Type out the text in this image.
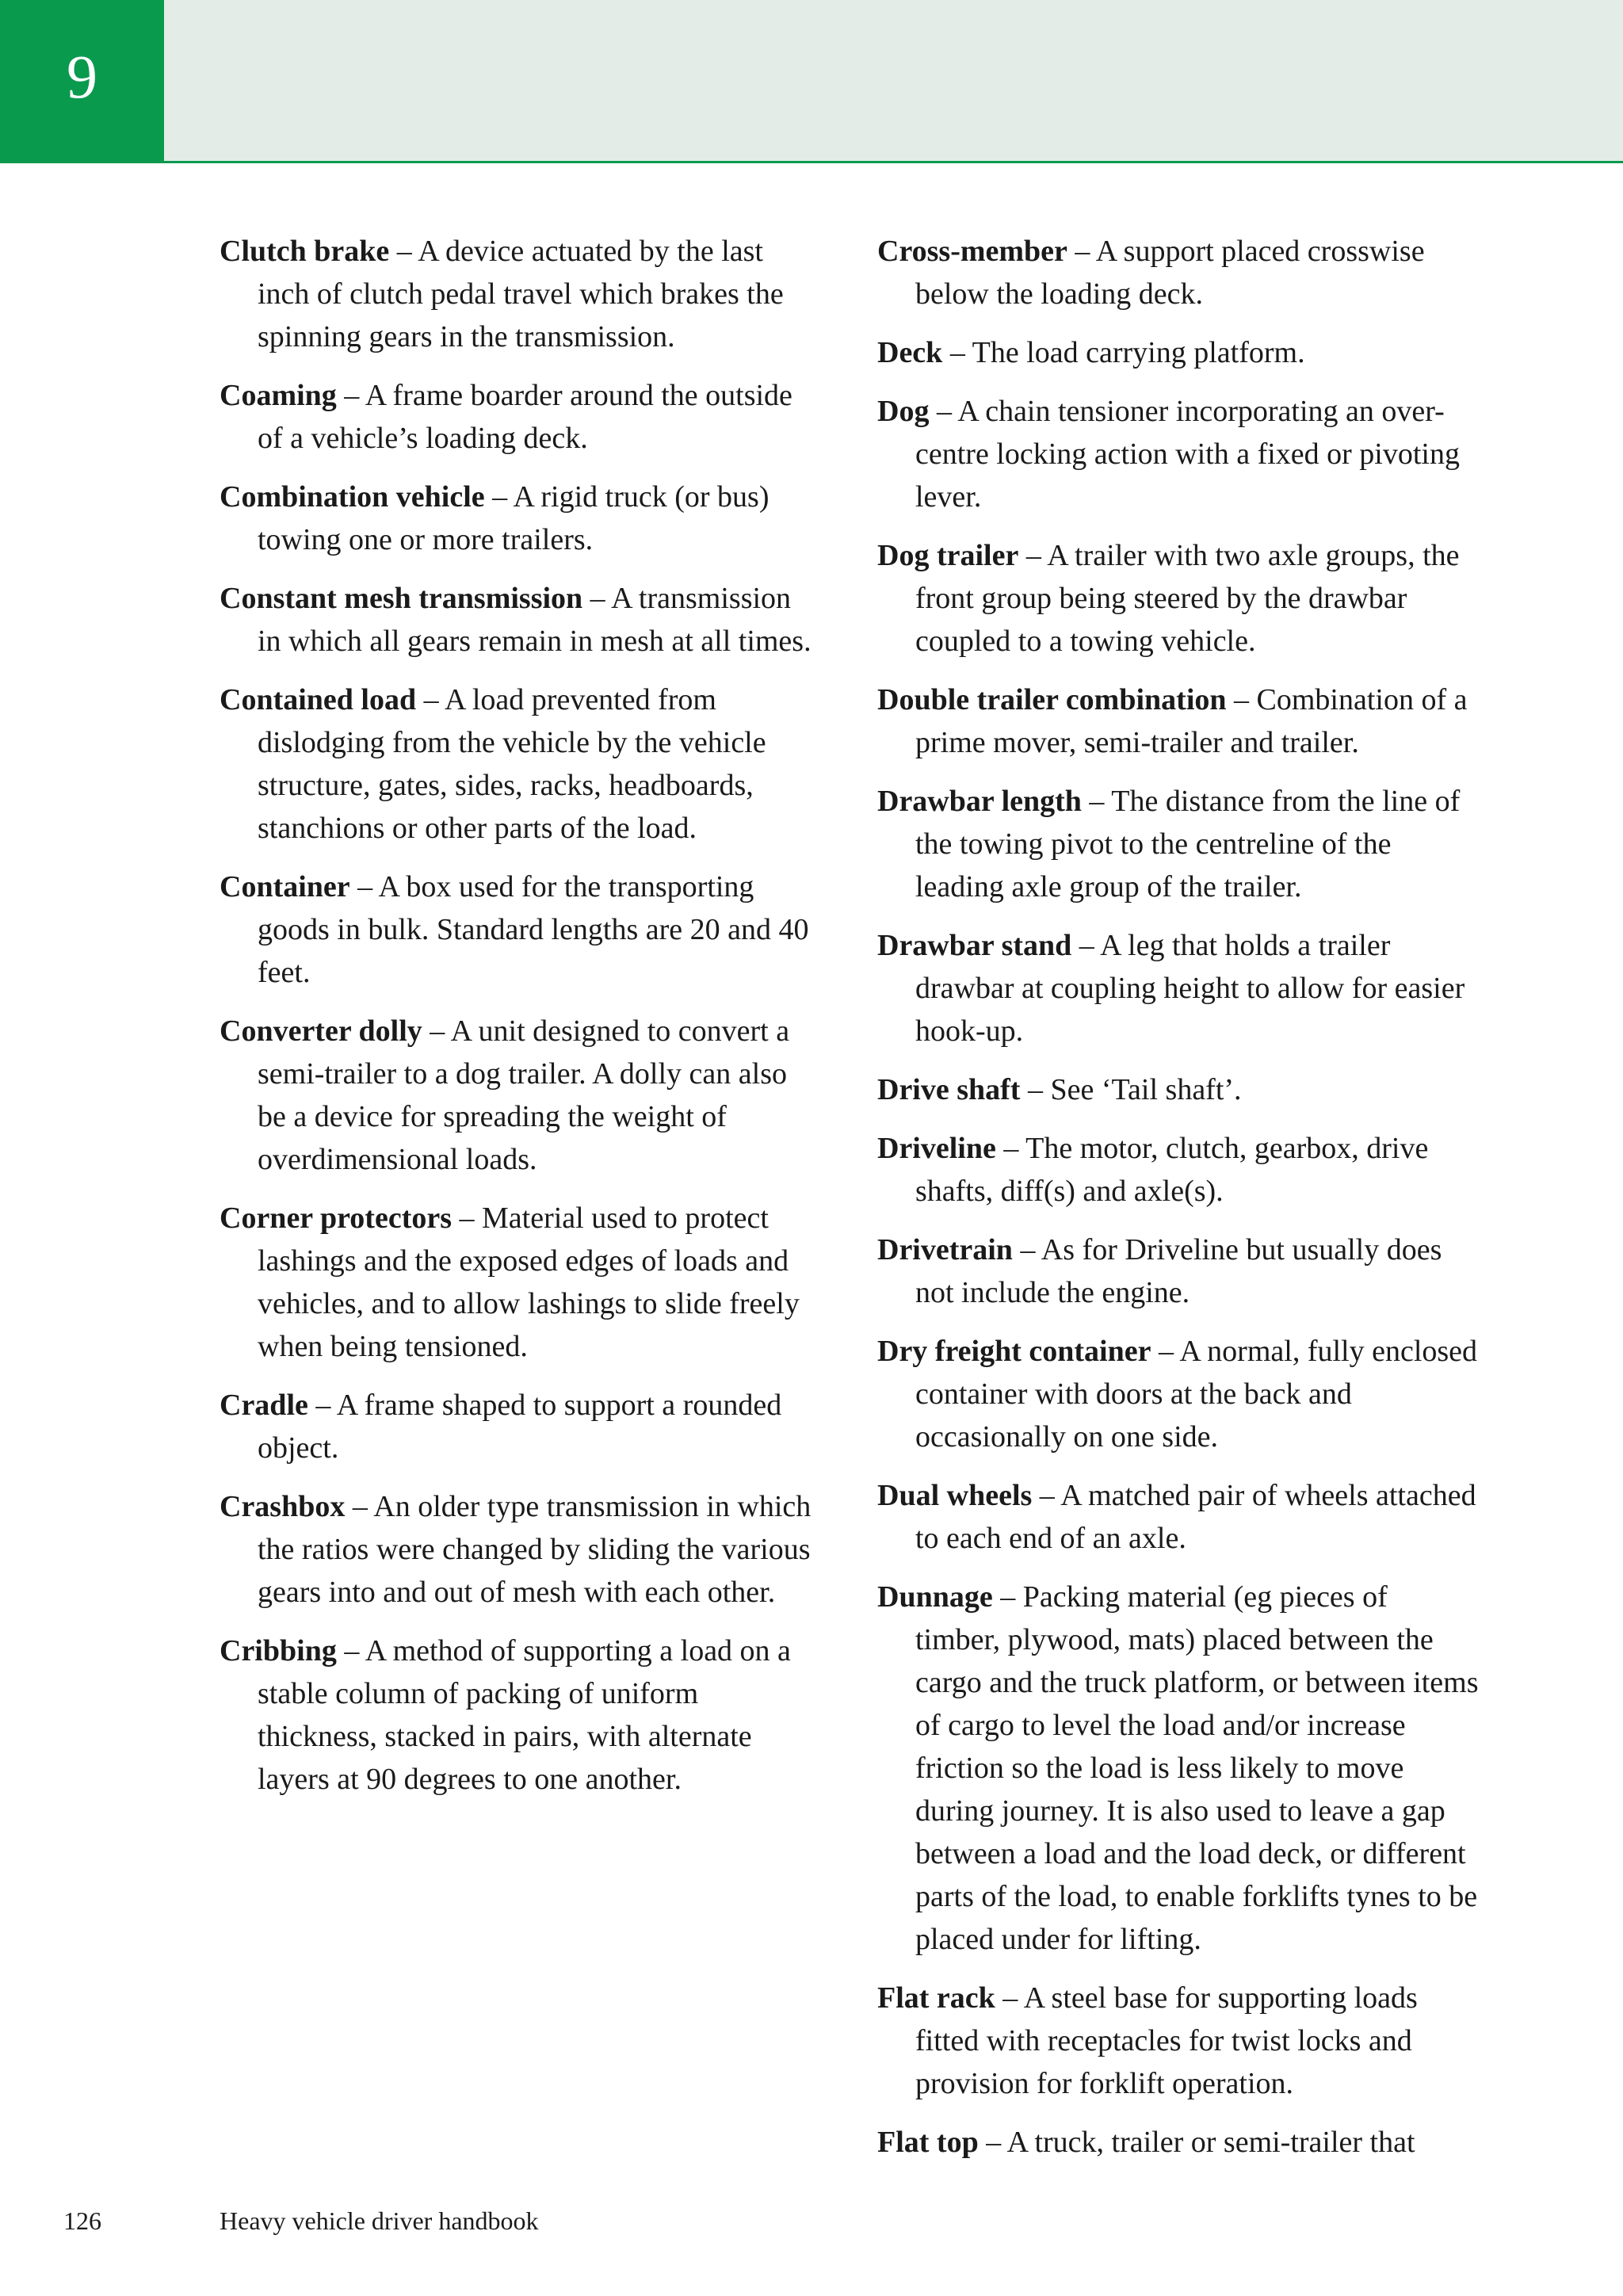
9

Clutch brake – A device actuated by the last inch of clutch pedal travel which brakes the spinning gears in the transmission.

Coaming – A frame boarder around the outside of a vehicle’s loading deck.

Combination vehicle – A rigid truck (or bus) towing one or more trailers.

Constant mesh transmission – A transmission in which all gears remain in mesh at all times.

Contained load – A load prevented from dislodging from the vehicle by the vehicle structure, gates, sides, racks, headboards, stanchions or other parts of the load.

Container – A box used for the transporting goods in bulk. Standard lengths are 20 and 40 feet.

Converter dolly – A unit designed to convert a semi-trailer to a dog trailer. A dolly can also be a device for spreading the weight of overdimensional loads.

Corner protectors – Material used to protect lashings and the exposed edges of loads and vehicles, and to allow lashings to slide freely when being tensioned.

Cradle – A frame shaped to support a rounded object.

Crashbox – An older type transmission in which the ratios were changed by sliding the various gears into and out of mesh with each other.

Cribbing – A method of supporting a load on a stable column of packing of uniform thickness, stacked in pairs, with alternate layers at 90 degrees to one another.

Cross-member – A support placed crosswise below the loading deck.

Deck – The load carrying platform.

Dog – A chain tensioner incorporating an over-centre locking action with a fixed or pivoting lever.

Dog trailer – A trailer with two axle groups, the front group being steered by the drawbar coupled to a towing vehicle.

Double trailer combination – Combination of a prime mover, semi-trailer and trailer.

Drawbar length – The distance from the line of the towing pivot to the centreline of the leading axle group of the trailer.

Drawbar stand – A leg that holds a trailer drawbar at coupling height to allow for easier hook-up.

Drive shaft – See ‘Tail shaft’.

Driveline – The motor, clutch, gearbox, drive shafts, diff(s) and axle(s).

Drivetrain – As for Driveline but usually does not include the engine.

Dry freight container – A normal, fully enclosed container with doors at the back and occasionally on one side.

Dual wheels – A matched pair of wheels attached to each end of an axle.

Dunnage – Packing material (eg pieces of timber, plywood, mats) placed between the cargo and the truck platform, or between items of cargo to level the load and/or increase friction so the load is less likely to move during journey. It is also used to leave a gap between a load and the load deck, or different parts of the load, to enable forklifts tynes to be placed under for lifting.

Flat rack – A steel base for supporting loads fitted with receptacles for twist locks and provision for forklift operation.

Flat top – A truck, trailer or semi-trailer that

126	Heavy vehicle driver handbook
